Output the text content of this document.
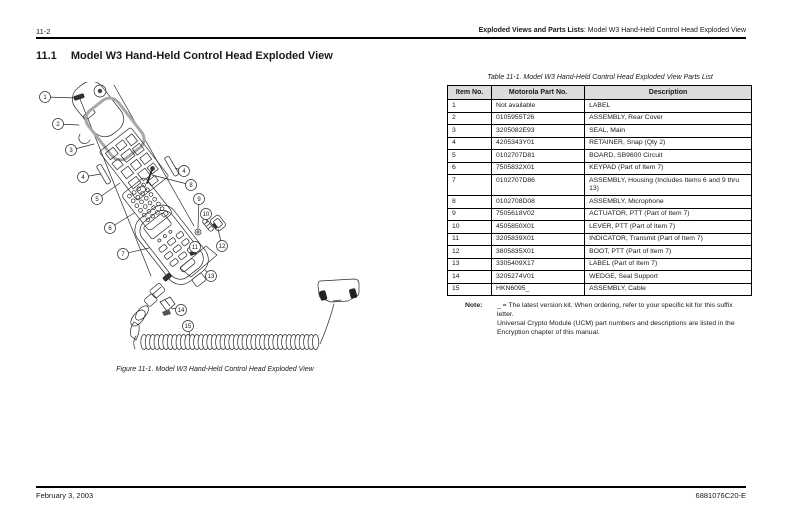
11-2	Exploded Views and Parts Lists: Model W3 Hand-Held Control Head Exploded View
11.1 Model W3 Hand-Held Control Head Exploded View
1
2
3
4
4
5
8
6
9
10
7
11	12
13
14
15
Figure 11-1. Model W3 Hand-Held Control Head Exploded View
Table 11-1. Model W3 Hand-Held Control Head Exploded View Parts List
Item No.	Motorola Part No.	Description
1	Not available	LABEL
2	0105955T26	ASSEMBLY, Rear Cover
3	3205082E93	SEAL, Main
4	4205343Y01	RETAINER, Snap (Qty 2)
5	0102707D81	BOARD, SB9600 Circuit
6	7505832X01	KEYPAD (Part of Item 7)
7	0102707D86	ASSEMBLY, Housing (Includes Items 6 and 9 thru 13)
8	0102708D08	ASSEMBLY, Microphone
9	7505618V02	ACTUATOR, PTT (Part of Item 7)
10	4505850X01	LEVER, PTT (Part of Item 7)
11	3205839X01	INDICATOR, Transmit (Part of Item 7)
12	3805835X01	BOOT, PTT (Part of Item 7)
13	3305409X17	LABEL (Part of Item 7)
14	3205274V01	WEDGE, Seal Support
15	HKN6095_	ASSEMBLY, Cable
Note:	_ = The latest version kit. When ordering, refer to your specific kit for this suffix letter.
Universal Crypto Module (UCM) part numbers and descriptions are listed in the Encryption chapter of this manual.
February 3, 2003	6881076C20-E
